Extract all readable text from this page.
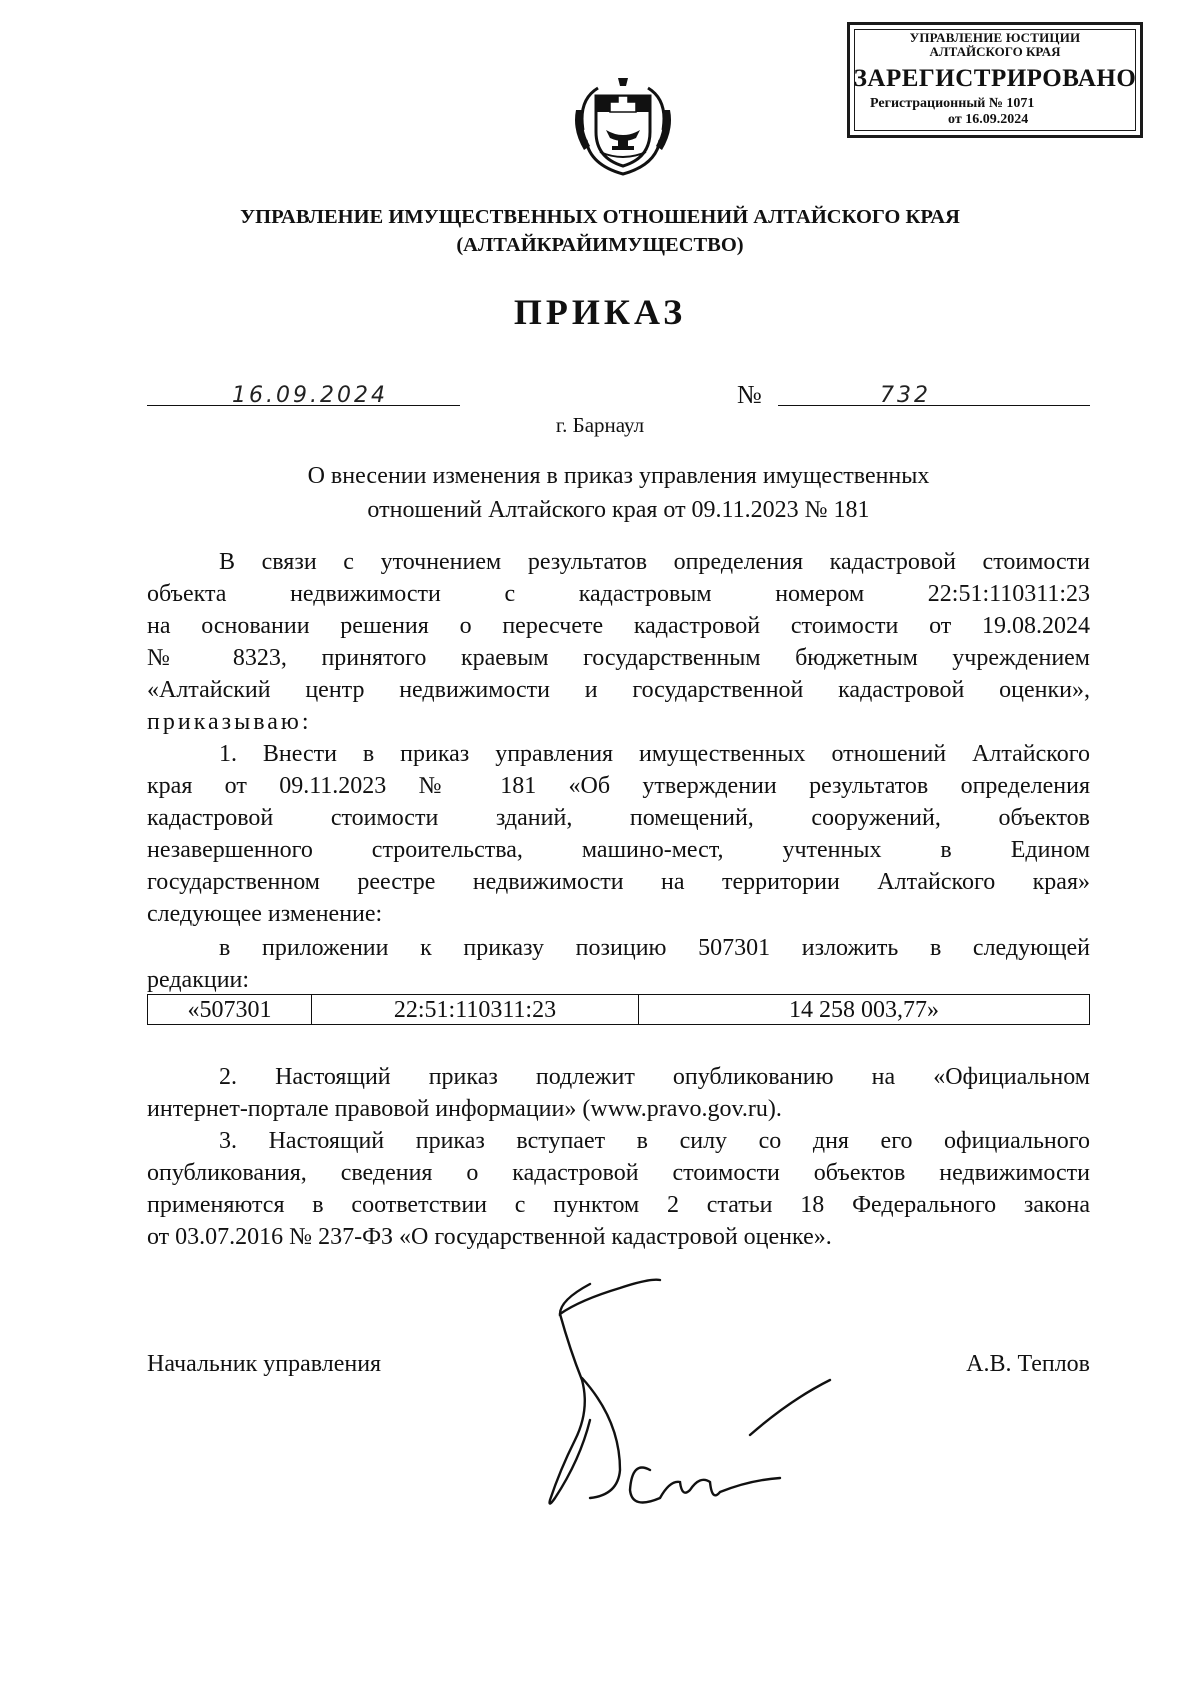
УПРАВЛЕНИЕ ЮСТИЦИИ
АЛТАЙСКОГО КРАЯ
ЗАРЕГИСТРИРОВАНО
Регистрационный № 1071
от 16.09.2024
УПРАВЛЕНИЕ ИМУЩЕСТВЕННЫХ ОТНОШЕНИЙ АЛТАЙСКОГО КРАЯ
(АЛТАЙКРАЙИМУЩЕСТВО)
ПРИКАЗ
16.09.2024	№	732
г. Барнаул
О внесении изменения в приказ управления имущественных
отношений Алтайского края от 09.11.2023 № 181
В связи с уточнением результатов определения кадастровой стоимости
объекта недвижимости с кадастровым номером 22:51:110311:23
на основании решения о пересчете кадастровой стоимости от 19.08.2024
№ 8323, принятого краевым государственным бюджетным учреждением
«Алтайский центр недвижимости и государственной кадастровой оценки»,
приказываю:
1. Внести в приказ управления имущественных отношений Алтайского
края от 09.11.2023 № 181 «Об утверждении результатов определения
кадастровой стоимости зданий, помещений, сооружений, объектов
незавершенного строительства, машино-мест, учтенных в Едином
государственном реестре недвижимости на территории Алтайского края»
следующее изменение:
в приложении к приказу позицию 507301 изложить в следующей
редакции:
«507301	22:51:110311:23	14 258 003,77»
2. Настоящий приказ подлежит опубликованию на «Официальном
интернет-портале правовой информации» (www.pravo.gov.ru).
3. Настоящий приказ вступает в силу со дня его официального
опубликования, сведения о кадастровой стоимости объектов недвижимости
применяются в соответствии с пунктом 2 статьи 18 Федерального закона
от 03.07.2016 № 237-ФЗ «О государственной кадастровой оценке».
Начальник управления	А.В. Теплов
